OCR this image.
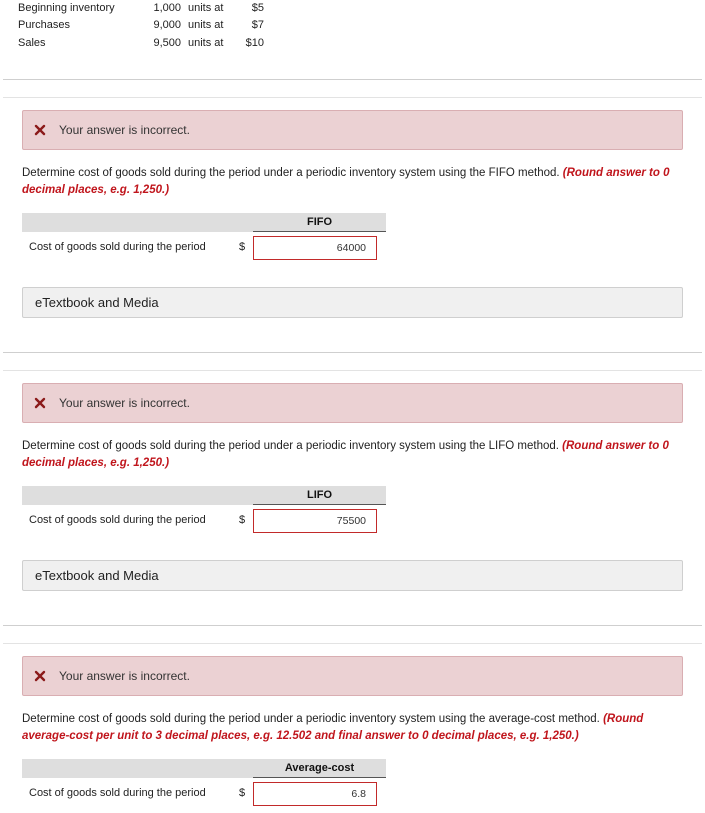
Beginning inventory	1,000 units at	$5
Purchases	9,000 units at	$7
Sales	9,500 units at	$10
Your answer is incorrect.
Determine cost of goods sold during the period under a periodic inventory system using the FIFO method. (Round answer to 0 decimal places, e.g. 1,250.)
FIFO
Cost of goods sold during the period	$	64000
eTextbook and Media
Your answer is incorrect.
Determine cost of goods sold during the period under a periodic inventory system using the LIFO method. (Round answer to 0 decimal places, e.g. 1,250.)
LIFO
Cost of goods sold during the period	$	75500
eTextbook and Media
Your answer is incorrect.
Determine cost of goods sold during the period under a periodic inventory system using the average-cost method. (Round average-cost per unit to 3 decimal places, e.g. 12.502 and final answer to 0 decimal places, e.g. 1,250.)
Average-cost
Cost of goods sold during the period	$	6.8
